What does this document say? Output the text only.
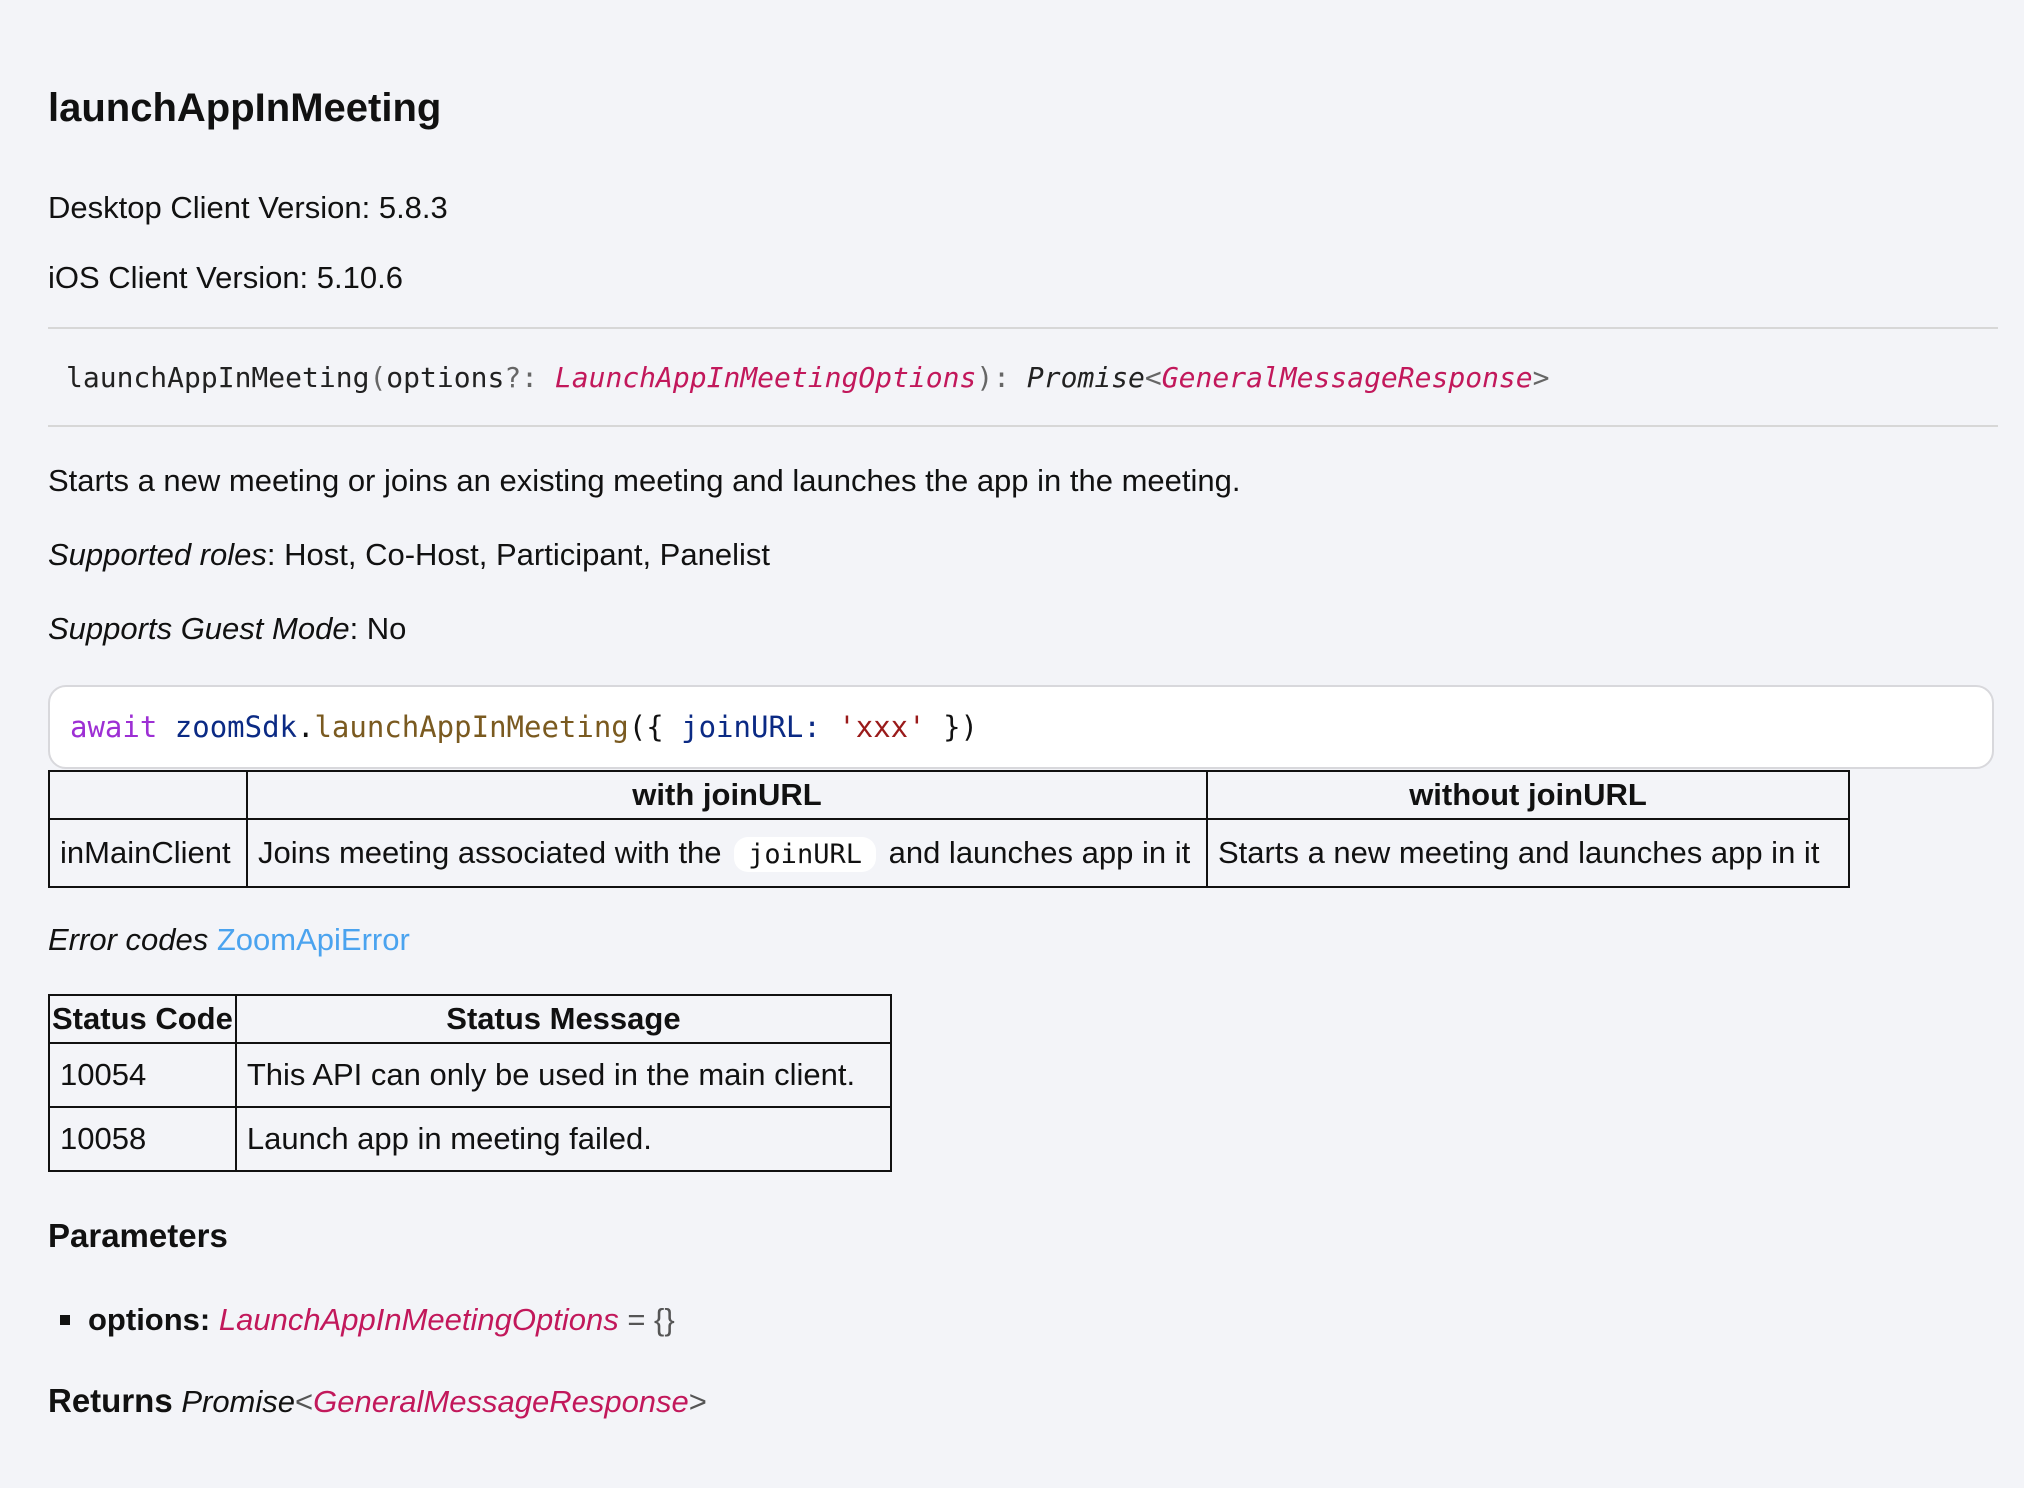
launchAppInMeeting
Desktop Client Version: 5.8.3
iOS Client Version: 5.10.6
launchAppInMeeting(options?: LaunchAppInMeetingOptions): Promise<GeneralMessageResponse>
Starts a new meeting or joins an existing meeting and launches the app in the meeting.
Supported roles: Host, Co-Host, Participant, Panelist
Supports Guest Mode: No
await zoomSdk.launchAppInMeeting({ joinURL: 'xxx' })
	with joinURL	without joinURL
inMainClient	Joins meeting associated with the joinURL and launches app in it	Starts a new meeting and launches app in it
Error codes ZoomApiError
Status Code	Status Message
10054	This API can only be used in the main client.
10058	Launch app in meeting failed.
Parameters
options: LaunchAppInMeetingOptions = {}
Returns Promise<GeneralMessageResponse>
